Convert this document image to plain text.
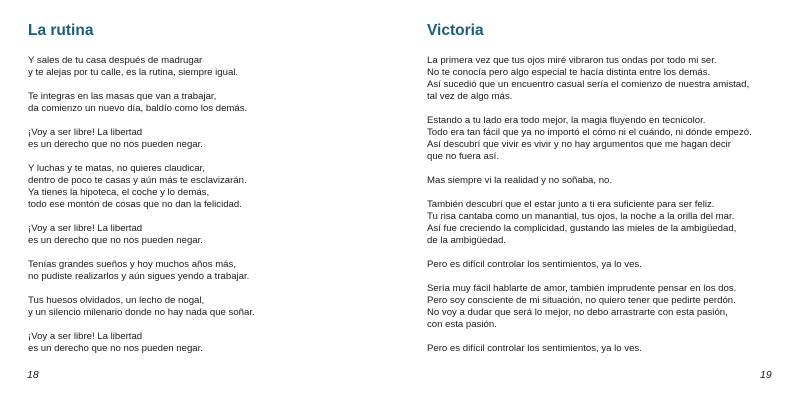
La rutina

Y sales de tu casa después de madrugar
y te alejas por tu calle, es la rutina, siempre igual.

Te integras en las masas que van a trabajar,
da comienzo un nuevo día, baldío como los demás.

¡Voy a ser libre! La libertad
es un derecho que no nos pueden negar.

Y luchas y te matas, no quieres claudicar,
dentro de poco te casas y aún más te esclavizarán.
Ya tienes la hipoteca, el coche y lo demás,
todo ese montón de cosas que no dan la felicidad.

¡Voy a ser libre! La libertad
es un derecho que no nos pueden negar.

Tenías grandes sueños y hoy muchos años más,
no pudiste realizarlos y aún sigues yendo a trabajar.

Tus huesos olvidados, un lecho de nogal,
y un silencio milenario donde no hay nada que soñar.

¡Voy a ser libre! La libertad
es un derecho que no nos pueden negar.

18
Victoria

La primera vez que tus ojos miré vibraron tus ondas por todo mi ser.
No te conocía pero algo especial te hacía distinta entre los demás.
Así sucedió que un encuentro casual sería el comienzo de nuestra amistad,
tal vez de algo más.

Estando a tu lado era todo mejor, la magia fluyendo en tecnicolor.
Todo era tan fácil que ya no importó el cómo ni el cuándo, ni dónde empezó.
Así descubrí que vivir es vivir y no hay argumentos que me hagan decir
que no fuera así.

Mas siempre vi la realidad y no soñaba, no.

También descubrí que el estar junto a ti era suficiente para ser feliz.
Tu risa cantaba como un manantial, tus ojos, la noche a la orilla del mar.
Así fue creciendo la complicidad, gustando las mieles de la ambigüedad,
de la ambigüedad.

Pero es difícil controlar los sentimientos, ya lo ves.

Sería muy fácil hablarte de amor, también imprudente pensar en los dos.
Pero soy consciente de mi situación, no quiero tener que pedirte perdón.
No voy a dudar que será lo mejor, no debo arrastrarte con esta pasión,
con esta pasión.

Pero es difícil controlar los sentimientos, ya lo ves.

19
